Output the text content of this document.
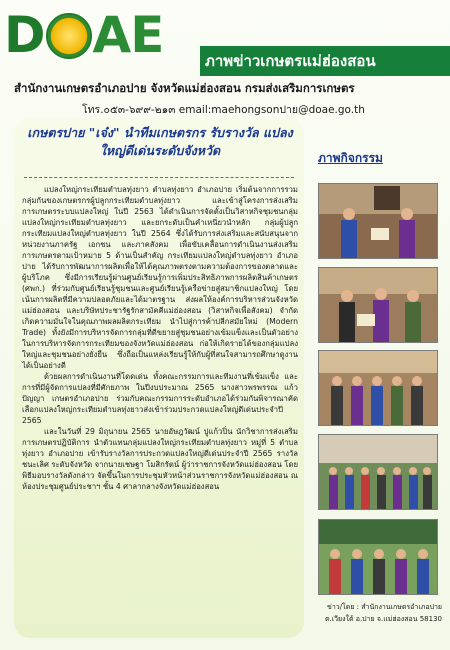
D A E	ภาพข่าวเกษตรแม่ฮ่องสอน
สำนักงานเกษตรอำเภอปาย จังหวัดแม่ฮ่องสอน กรมส่งเสริมการเกษตร
โทร.๐๕๓-๖๙๙-๒๑๓ email:maehongsonปาย@doae.go.th
เกษตรปาย "เจ๋ง" นำทีมเกษตรกร รับรางวัล แปลงใหญ่ดีเด่นระดับจังหวัด

แปลงใหญ่กระเทียมตำบลทุ่งยาว ตำบลทุ่งยาว อำเภอปาย เริ่มต้นจากการรวมกลุ่มกันของเกษตรกรผู้ปลูกกระเทียมตำบลทุ่งยาว และเข้าสู่โครงการส่งเสริมการเกษตรระบบแปลงใหญ่ ในปี 2563 ได้ดำเนินการจัดตั้งเป็นวิสาหกิจชุมชนกลุ่มแปลงใหญ่กระเทียมตำบลทุ่งยาว และยกระดับเป็นคำเหนี่ยวนำหลัก กลุ่มผู้ปลูกกระเทียมแปลงใหญ่ตำบลทุ่งยาว ในปี 2564 ซึ่งได้รับการส่งเสริมและสนับสนุนจากหน่วยงานภาครัฐ เอกชน และภาคสังคม เพื่อขับเคลื่อนการดำเนินงานส่งเสริมการเกษตรตามเป้าหมาย 5 ด้านเป็นสำคัญ กระเทียมแปลงใหญ่ตำบลทุ่งยาว อำเภอปาย ได้รับการพัฒนาการผลิตเพื่อให้ได้คุณภาพตรงตามความต้องการของตลาดและผู้บริโภค ซึ่งมีการเรียนรู้ผ่านศูนย์เรียนรู้การเพิ่มประสิทธิภาพการผลิตสินค้าเกษตร (ศพก.) ที่ร่วมกับศูนย์เรียนรู้ชุมชนและศูนย์เรียนรู้เครือข่ายสู่สมาชิกแปลงใหญ่ โดยเน้นการผลิตที่มีความปลอดภัยและได้มาตรฐาน ส่งผลให้องค์การบริหารส่วนจังหวัดแม่ฮ่องสอน และบริษัทประชารัฐรักสามัคคีแม่ฮ่องสอน (วิสาหกิจเพื่อสังคม) จำกัด เกิดความมั่นใจในคุณภาพผลผลิตกระเทียม นำไปสู่การค้าปลีกสมัยใหม่ (Modern Trade) ทั้งยังมีการบริหารจัดการกลุ่มที่ดีขยายสู่ชุมชนอย่างเข้มแข็งและเป็นตัวอย่างในการบริหารจัดการกระเทียมของจังหวัดแม่ฮ่องสอน ก่อให้เกิดรายได้ของกลุ่มแปลงใหญ่และชุมชนอย่างยั่งยืน ซึ่งถือเป็นแหล่งเรียนรู้ให้กับผู้ที่สนใจสามารถศึกษาดูงานได้เป็นอย่างดี

ด้วยผลการดำเนินงานที่โดดเด่น ทั้งคณะกรรมการและทีมงานที่เข้มแข็ง และการที่มีผู้จัดการแปลงที่มีศักยภาพ ในปีงบประมาณ 2565 นางสาวพรพรรณ แก้วปัญญา เกษตรอำเภอปาย ร่วมกับคณะกรรมการระดับอำเภอได้ร่วมกันพิจารณาคัดเลือกแปลงใหญ่กระเทียมตำบลทุ่งยาวส่งเข้าร่วมประกวดแปลงใหญ่ดีเด่นประจำปี 2565

และในวันที่ 29 มิถุนายน 2565 นายอัษฎวัฒน์ ปูแก้วปิ่น นักวิชาการส่งเสริมการเกษตรปฏิบัติการ นำตัวแทนกลุ่มแปลงใหญ่กระเทียมตำบลทุ่งยาว หมู่ที่ 5 ตำบลทุ่งยาว อำเภอปาย เข้ารับรางวัลการประกวดแปลงใหญ่ดีเด่นประจำปี 2565 รางวัลชนะเลิศ ระดับจังหวัด จากนายเชษฐา โมสิกรัตน์ ผู้ว่าราชการจังหวัดแม่ฮ่องสอน โดยพิธีมอบรางวัลดังกล่าว จัดขึ้นในการประชุมหัวหน้าส่วนราชการจังหวัดแม่ฮ่องสอน ณ ห้องประชุมศูนย์ประชาฯ ชั้น 4 ศาลากลางจังหวัดแม่ฮ่องสอน

ภาพกิจกรรม
ข่าว/โดย : สำนักงานเกษตรอำเภอปาย
ต.เวียงใต้ อ.ปาย จ.แม่ฮ่องสอน 58130
